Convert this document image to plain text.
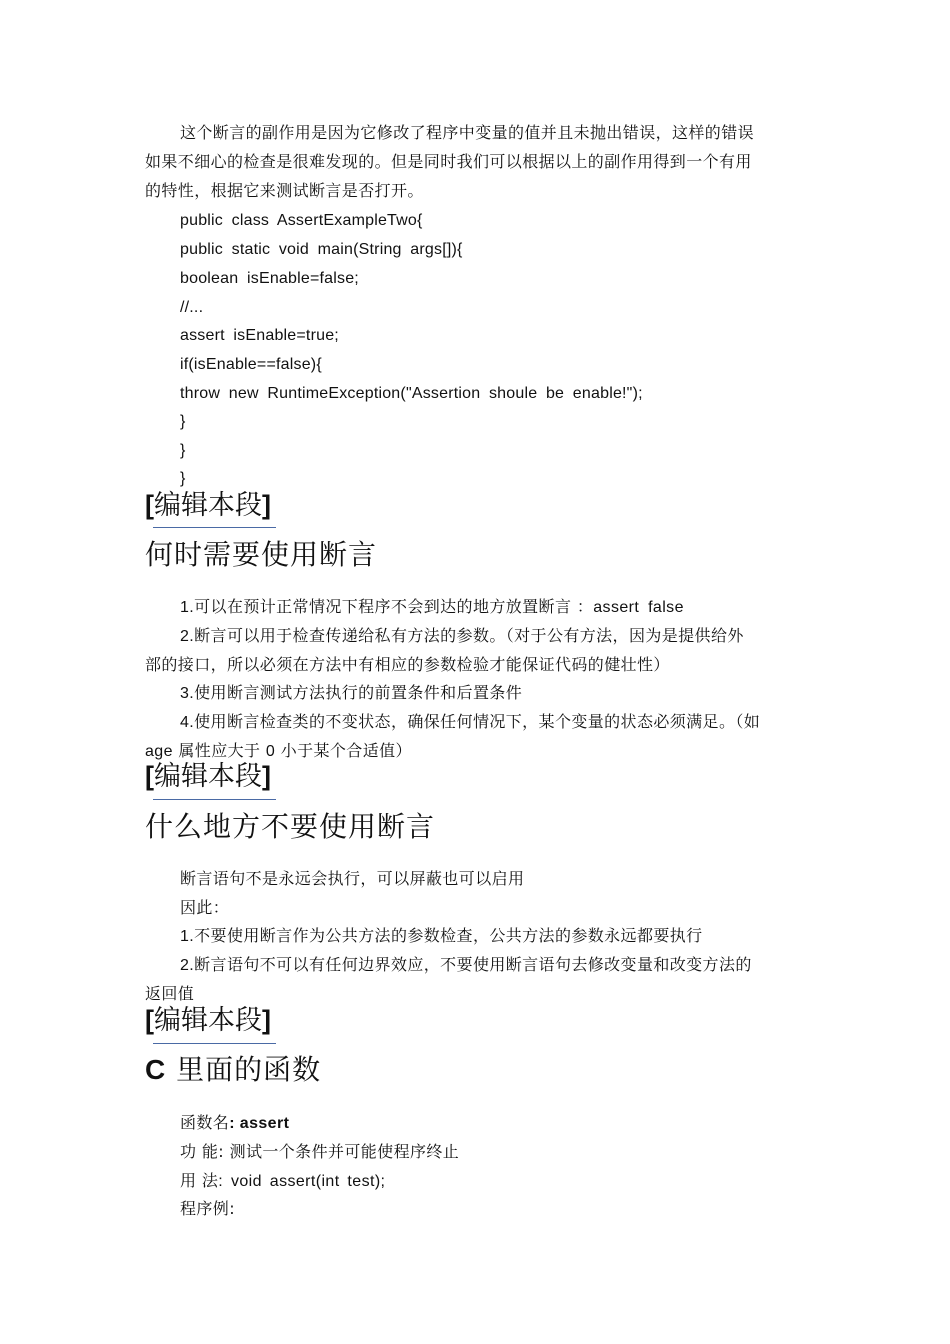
这个断言的副作用是因为它修改了程序中变量的值并且未抛出错误，这样的错误
如果不细心的检查是很难发现的。但是同时我们可以根据以上的副作用得到一个有用
的特性，根据它来测试断言是否打开。
public class AssertExampleTwo{
public static void main(String args[]){
boolean isEnable=false;
//...
assert isEnable=true;
if(isEnable==false){
throw new RuntimeException("Assertion shoule be enable!");
}
}
}
[编辑本段]
何时需要使用断言
1.可以在预计正常情况下程序不会到达的地方放置断言 ：assert false
2.断言可以用于检查传递给私有方法的参数。（对于公有方法，因为是提供给外
部的接口，所以必须在方法中有相应的参数检验才能保证代码的健壮性）
3.使用断言测试方法执行的前置条件和后置条件
4.使用断言检查类的不变状态，确保任何情况下，某个变量的状态必须满足。（如
age 属性应大于 0 小于某个合适值）
[编辑本段]
什么地方不要使用断言
断言语句不是永远会执行，可以屏蔽也可以启用
因此：
1.不要使用断言作为公共方法的参数检查，公共方法的参数永远都要执行
2.断言语句不可以有任何边界效应，不要使用断言语句去修改变量和改变方法的
返回值
[编辑本段]
C 里面的函数
函数名: assert
功 能: 测试一个条件并可能使程序终止
用 法: void assert(int test);
程序例:
